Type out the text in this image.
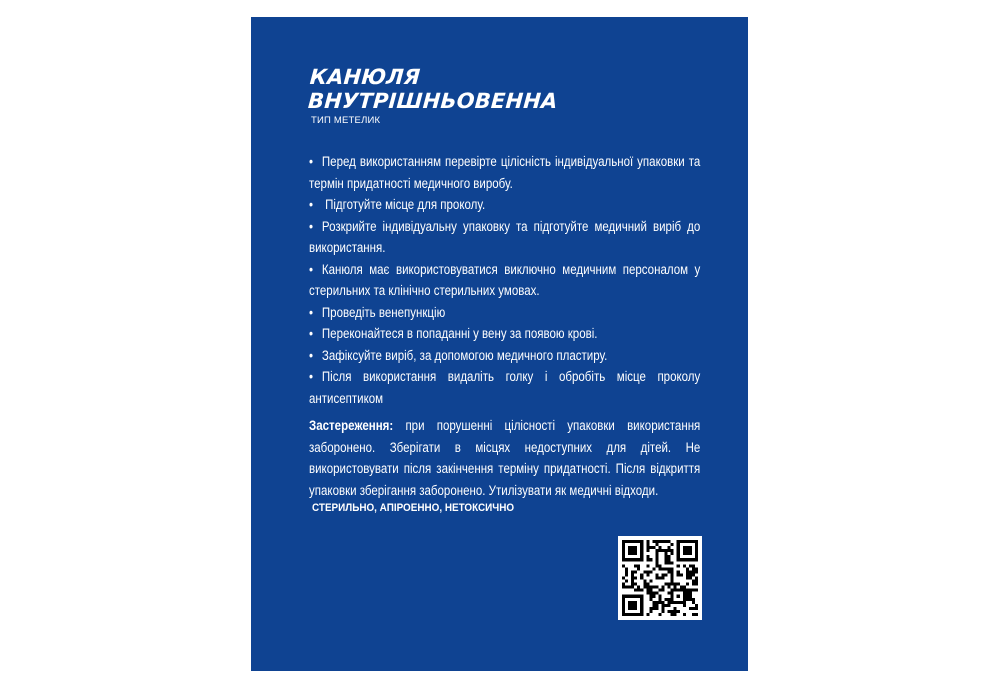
КАНЮЛЯ
ВНУТРІШНЬОВЕННА
ТИП МЕТЕЛИК
• Перед використанням перевірте цілісність індивідуальної упаковки та термін придатності медичного виробу.
• Підготуйте місце для проколу.
• Розкрийте індивідуальну упаковку та підготуйте медичний виріб до використання.
• Канюля має використовуватися виключно медичним персоналом у стерильних та клінічно стерильних умовах.
• Проведіть венепункцію
• Переконайтеся в попаданні у вену за появою крові.
• Зафіксуйте виріб, за допомогою медичного пластиру.
• Після використання видаліть голку і обробіть місце проколу антисептиком

Застереження: при порушенні цілісності упаковки використання заборонено. Зберігати в місцях недоступних для дітей. Не використовувати після закінчення терміну придатності. Після відкриття упаковки зберігання заборонено. Утилізувати як медичні відходи.

СТЕРИЛЬНО, АПІРОЕННО, НЕТОКСИЧНО
